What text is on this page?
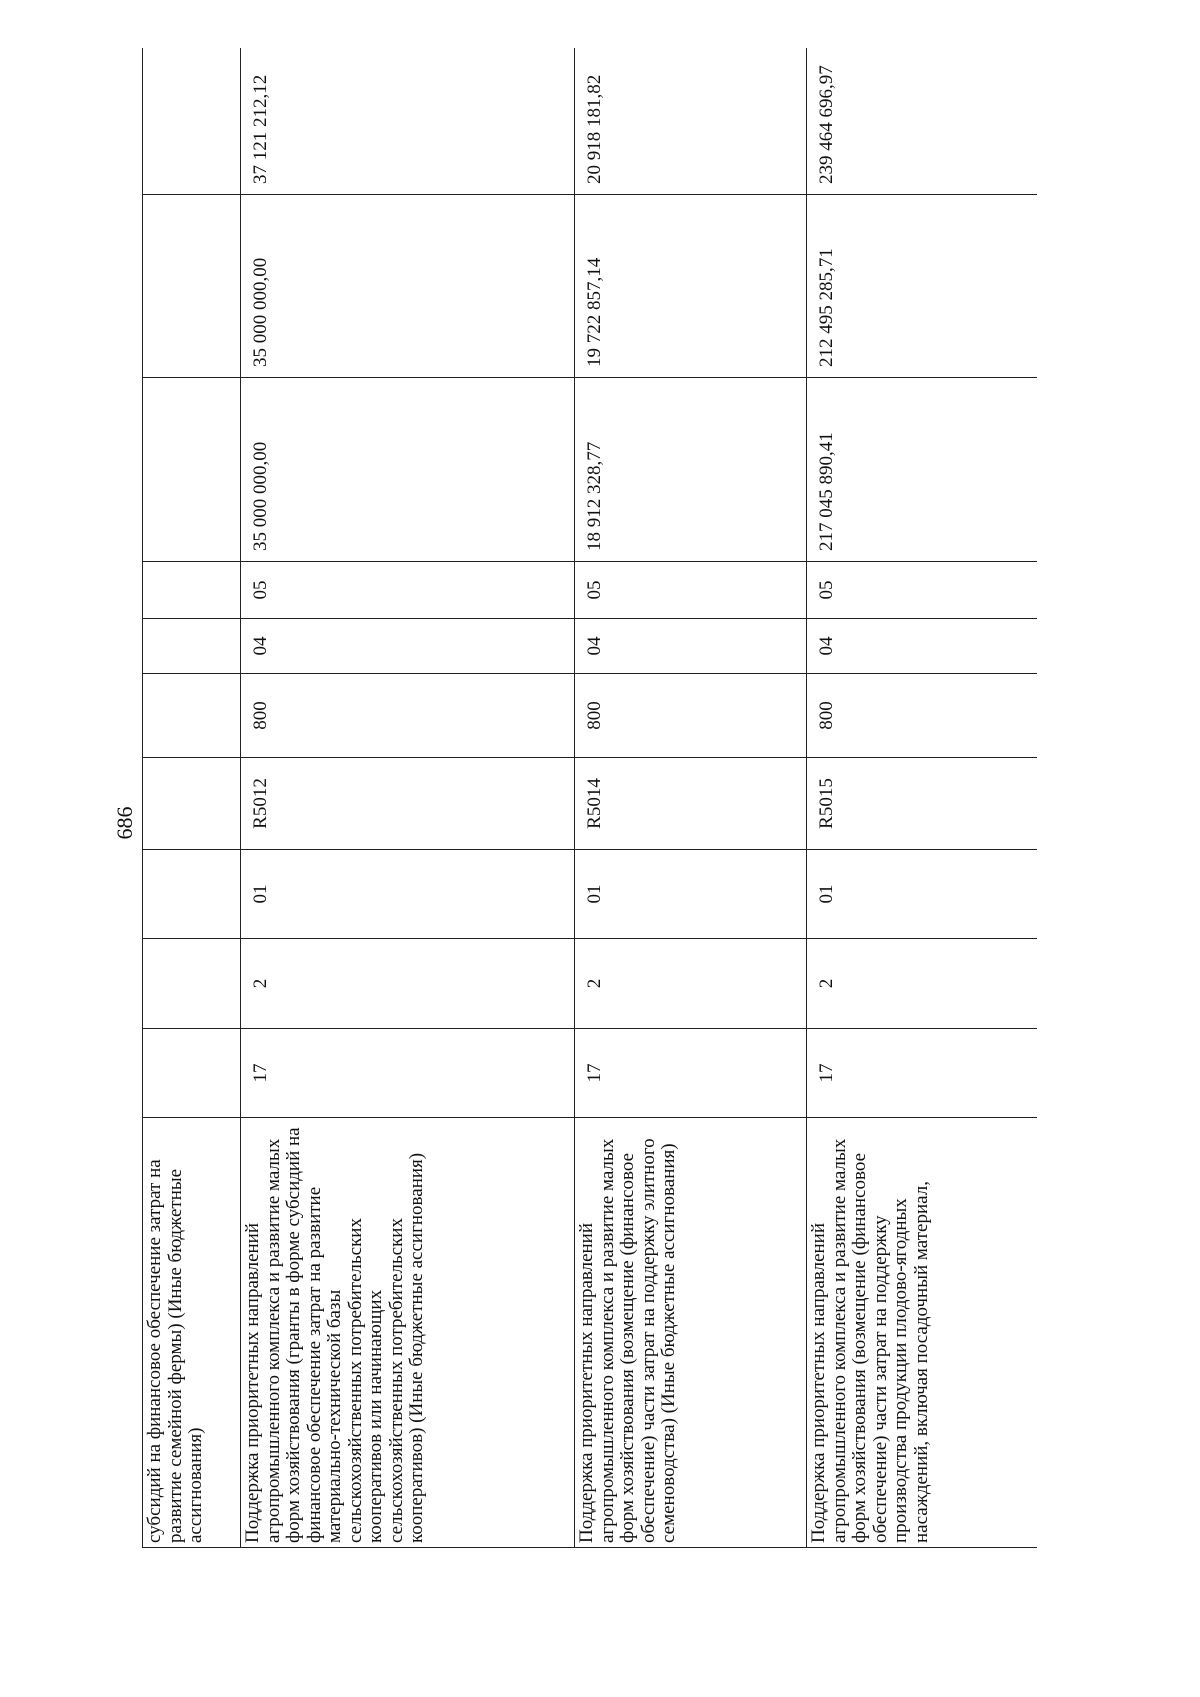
686
субсидий на финансовое обеспечение затрат на развитие семейной фермы) (Иные бюджетные ассигнования)										
Поддержка приоритетных направлений агропромышленного комплекса и развитие малых форм хозяйствования (гранты в форме субсидий на финансовое обеспечение затрат на развитие материально-технической базы сельскохозяйственных потребительских кооперативов или начинающих сельскохозяйственных потребительских кооперативов) (Иные бюджетные ассигнования)	17	2	01	R5012	800	04	05	35 000 000,00	35 000 000,00	37 121 212,12
Поддержка приоритетных направлений агропромышленного комплекса и развитие малых форм хозяйствования (возмещение (финансовое обеспечение) части затрат на поддержку элитного семеноводства) (Иные бюджетные ассигнования)	17	2	01	R5014	800	04	05	18 912 328,77	19 722 857,14	20 918 181,82
Поддержка приоритетных направлений агропромышленного комплекса и развитие малых форм хозяйствования (возмещение (финансовое обеспечение) части затрат на поддержку производства продукции плодово-ягодных насаждений, включая посадочный материал,	17	2	01	R5015	800	04	05	217 045 890,41	212 495 285,71	239 464 696,97
